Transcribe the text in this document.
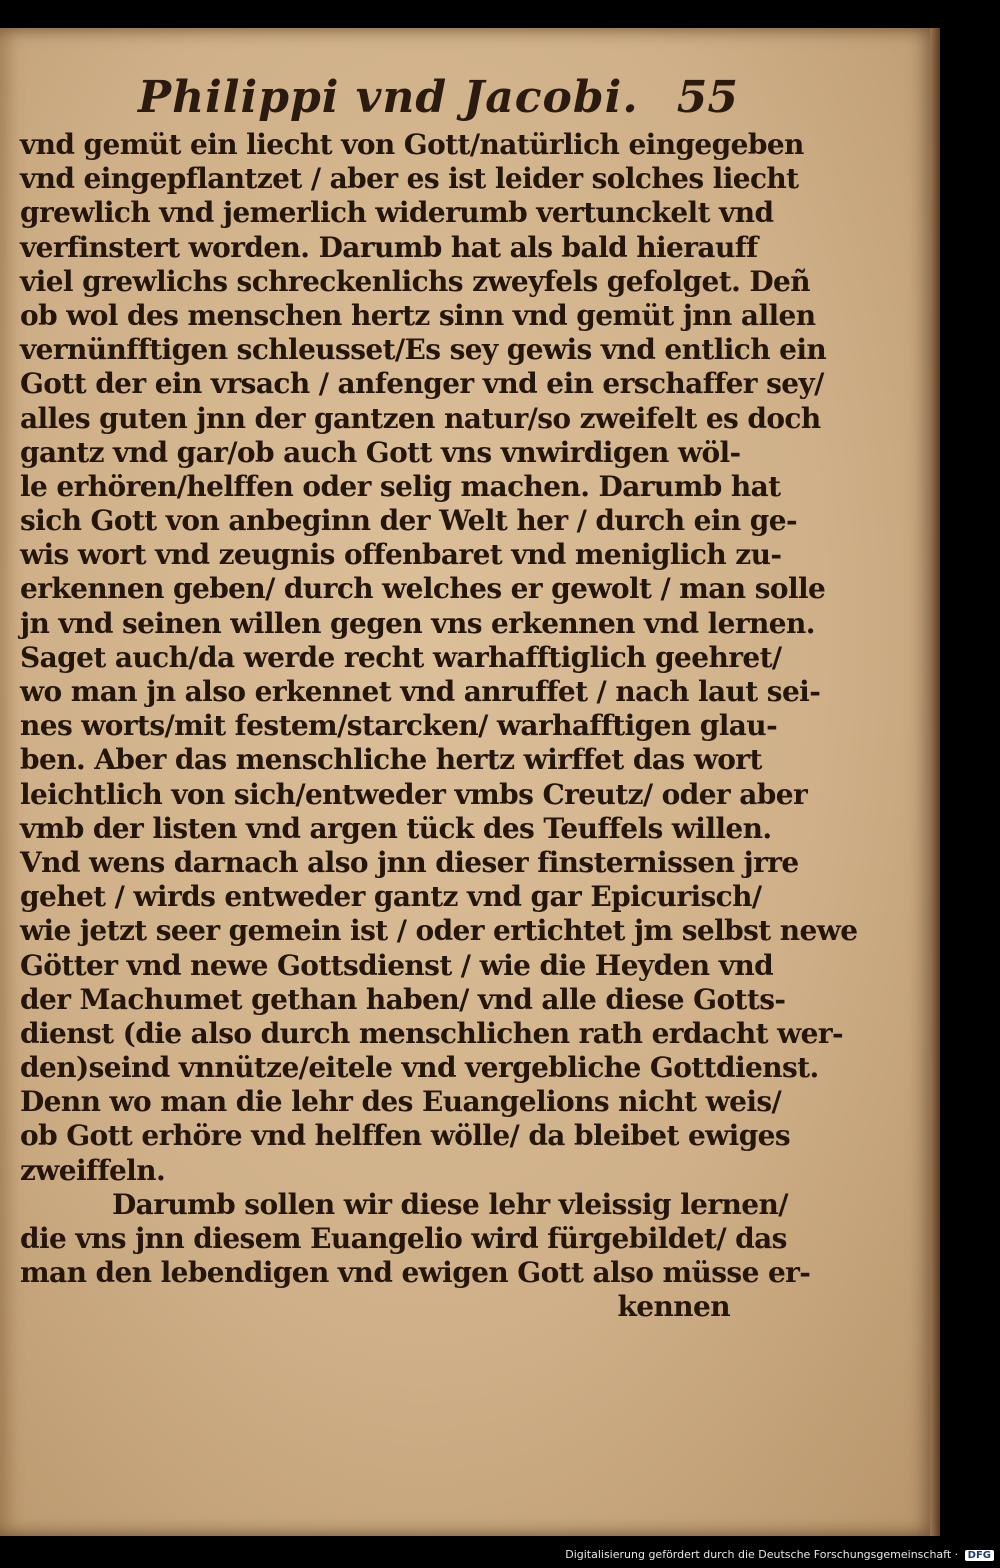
Philippi vnd Jacobi. 55
vnd gemüt ein liecht von Gott/natürlich eingegeben
vnd eingepflantzet / aber es ist leider solches liecht
grewlich vnd jemerlich widerumb vertunckelt vnd
verfinstert worden. Darumb hat als bald hierauff
viel grewlichs schreckenlichs zweyfels gefolget. Deñ
ob wol des menschen hertz sinn vnd gemüt jnn allen
vernünfftigen schleusset/Es sey gewis vnd entlich ein
Gott der ein vrsach / anfenger vnd ein erschaffer sey/
alles guten jnn der gantzen natur/so zweifelt es doch
gantz vnd gar/ob auch Gott vns vnwirdigen wöl-
le erhören/helffen oder selig machen. Darumb hat
sich Gott von anbeginn der Welt her / durch ein ge-
wis wort vnd zeugnis offenbaret vnd meniglich zu-
erkennen geben/ durch welches er gewolt / man solle
jn vnd seinen willen gegen vns erkennen vnd lernen.
Saget auch/da werde recht warhafftiglich geehret/
wo man jn also erkennet vnd anruffet / nach laut sei-
nes worts/mit festem/starcken/ warhafftigen glau-
ben. Aber das menschliche hertz wirffet das wort
leichtlich von sich/entweder vmbs Creutz/ oder aber
vmb der listen vnd argen tück des Teuffels willen.
Vnd wens darnach also jnn dieser finsternissen jrre
gehet / wirds entweder gantz vnd gar Epicurisch/
wie jetzt seer gemein ist / oder ertichtet jm selbst newe
Götter vnd newe Gottsdienst / wie die Heyden vnd
der Machumet gethan haben/ vnd alle diese Gotts-
dienst (die also durch menschlichen rath erdacht wer-
den)seind vnnütze/eitele vnd vergebliche Gottdienst.
Denn wo man die lehr des Euangelions nicht weis/
ob Gott erhöre vnd helffen wölle/ da bleibet ewiges
zweiffeln.
Darumb sollen wir diese lehr vleissig lernen/
die vns jnn diesem Euangelio wird fürgebildet/ das
man den lebendigen vnd ewigen Gott also müsse er-
kennen
Digitalisierung gefördert durch die Deutsche Forschungsgemeinschaft · DFG
